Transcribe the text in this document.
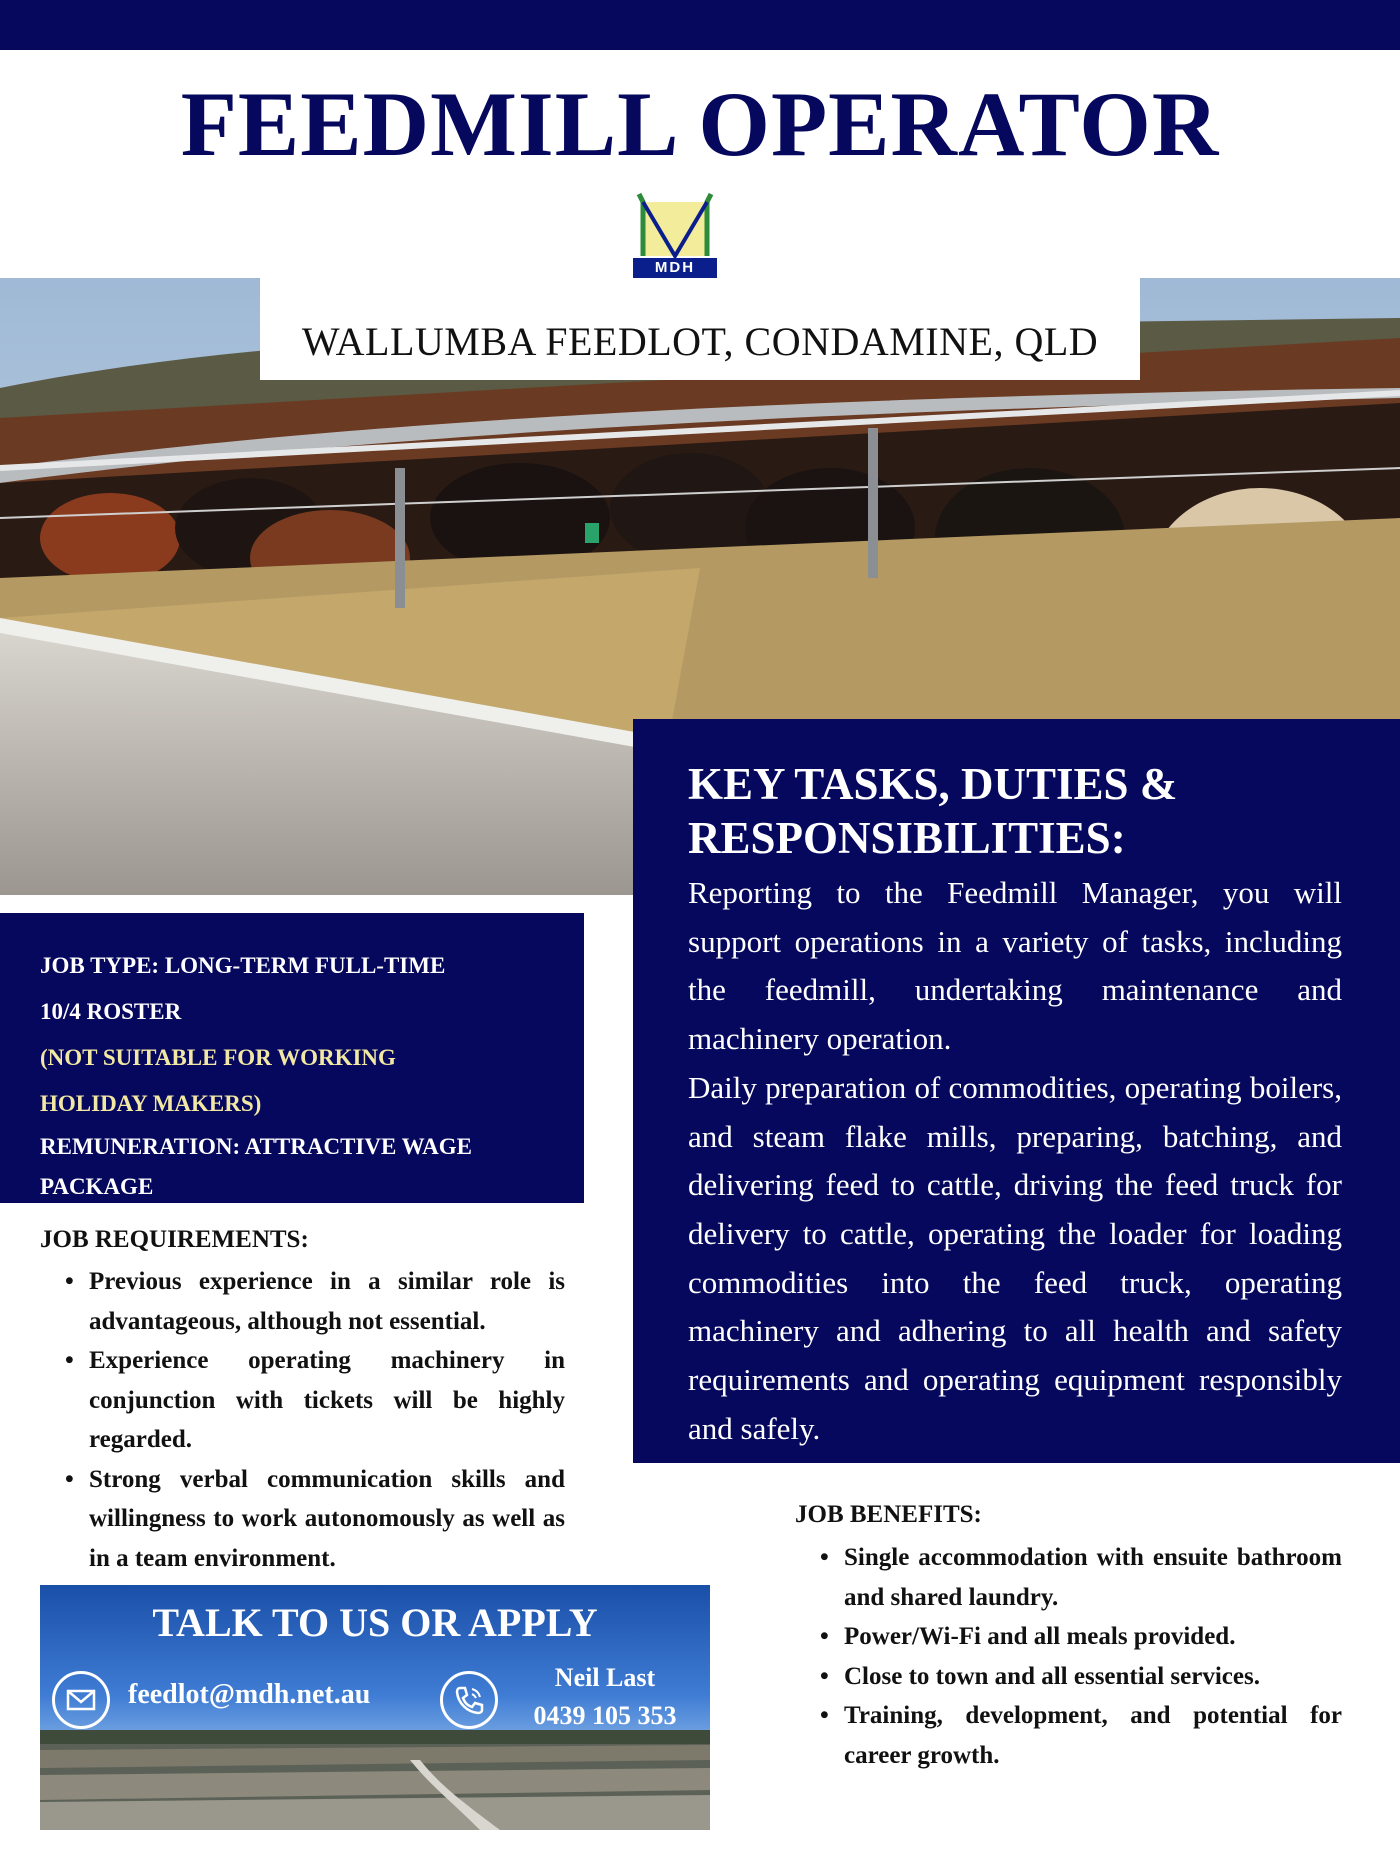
FEEDMILL OPERATOR
MDH
WALLUMBA FEEDLOT, CONDAMINE, QLD
JOB TYPE: LONG-TERM FULL-TIME
10/4 ROSTER
(NOT SUITABLE FOR WORKING
HOLIDAY MAKERS)
REMUNERATION: ATTRACTIVE WAGE PACKAGE
KEY TASKS, DUTIES & RESPONSIBILITIES:
Reporting to the Feedmill Manager, you will support operations in a variety of tasks, including the feedmill, undertaking maintenance and machinery operation.
Daily preparation of commodities, operating boilers, and steam flake mills, preparing, batching, and delivering feed to cattle, driving the feed truck for delivery to cattle, operating the loader for loading commodities into the feed truck, operating machinery and adhering to all health and safety requirements and operating equipment responsibly and safely.
JOB REQUIREMENTS:
• Previous experience in a similar role is advantageous, although not essential.
• Experience operating machinery in conjunction with tickets will be highly regarded.
• Strong verbal communication skills and willingness to work autonomously as well as in a team environment.
JOB BENEFITS:
• Single accommodation with ensuite bathroom and shared laundry.
• Power/Wi-Fi and all meals provided.
• Close to town and all essential services.
• Training, development, and potential for career growth.
TALK TO US OR APPLY
feedlot@mdh.net.au
Neil Last
0439 105 353
